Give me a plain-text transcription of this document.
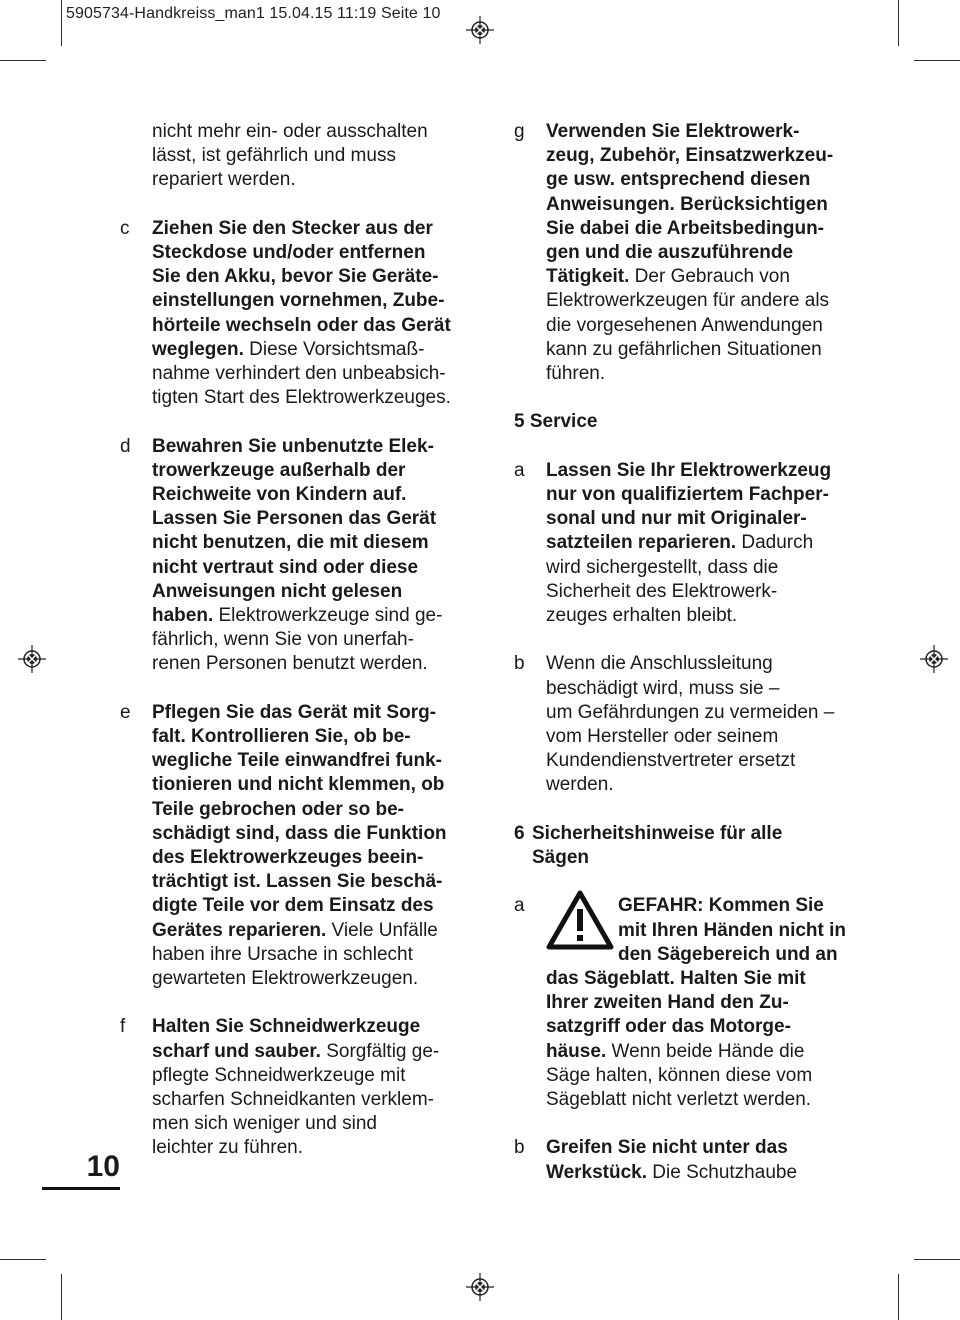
5905734-Handkreiss_man1 15.04.15 11:19 Seite 10
nicht mehr ein- oder ausschalten
lässt, ist gefährlich und muss
repariert werden.
c Ziehen Sie den Stecker aus der
Steckdose und/oder entfernen
Sie den Akku, bevor Sie Geräte-
einstellungen vornehmen, Zube-
hörteile wechseln oder das Gerät
weglegen. Diese Vorsichtsmaß-
nahme verhindert den unbeabsich-
tigten Start des Elektrowerkzeuges.
d Bewahren Sie unbenutzte Elek-
trowerkzeuge außerhalb der
Reichweite von Kindern auf.
Lassen Sie Personen das Gerät
nicht benutzen, die mit diesem
nicht vertraut sind oder diese
Anweisungen nicht gelesen
haben. Elektrowerkzeuge sind ge-
fährlich, wenn Sie von unerfah-
renen Personen benutzt werden.
e Pflegen Sie das Gerät mit Sorg-
falt. Kontrollieren Sie, ob be-
wegliche Teile einwandfrei funk-
tionieren und nicht klemmen, ob
Teile gebrochen oder so be-
schädigt sind, dass die Funktion
des Elektrowerkzeuges beein-
trächtigt ist. Lassen Sie beschä-
digte Teile vor dem Einsatz des
Gerätes reparieren. Viele Unfälle
haben ihre Ursache in schlecht
gewarteten Elektrowerkzeugen.
f Halten Sie Schneidwerkzeuge
scharf und sauber. Sorgfältig ge-
pflegte Schneidwerkzeuge mit
scharfen Schneidkanten verklem-
men sich weniger und sind
leichter zu führen.
g Verwenden Sie Elektrowerk-
zeug, Zubehör, Einsatzwerkzeu-
ge usw. entsprechend diesen
Anweisungen. Berücksichtigen
Sie dabei die Arbeitsbedingun-
gen und die auszuführende
Tätigkeit. Der Gebrauch von
Elektrowerkzeugen für andere als
die vorgesehenen Anwendungen
kann zu gefährlichen Situationen
führen.
5 Service
a Lassen Sie Ihr Elektrowerkzeug
nur von qualifiziertem Fachper-
sonal und nur mit Originaler-
satzteilen reparieren. Dadurch
wird sichergestellt, dass die
Sicherheit des Elektrowerk-
zeuges erhalten bleibt.
b Wenn die Anschlussleitung
beschädigt wird, muss sie –
um Gefährdungen zu vermeiden –
vom Hersteller oder seinem
Kundendienstvertreter ersetzt
werden.
6 Sicherheitshinweise für alle
Sägen
a	GEFAHR: Kommen Sie
mit Ihren Händen nicht in
den Sägebereich und an
das Sägeblatt. Halten Sie mit
Ihrer zweiten Hand den Zu-
satzgriff oder das Motorge-
häuse. Wenn beide Hände die
Säge halten, können diese vom
Sägeblatt nicht verletzt werden.
b Greifen Sie nicht unter das
Werkstück. Die Schutzhaube
10
